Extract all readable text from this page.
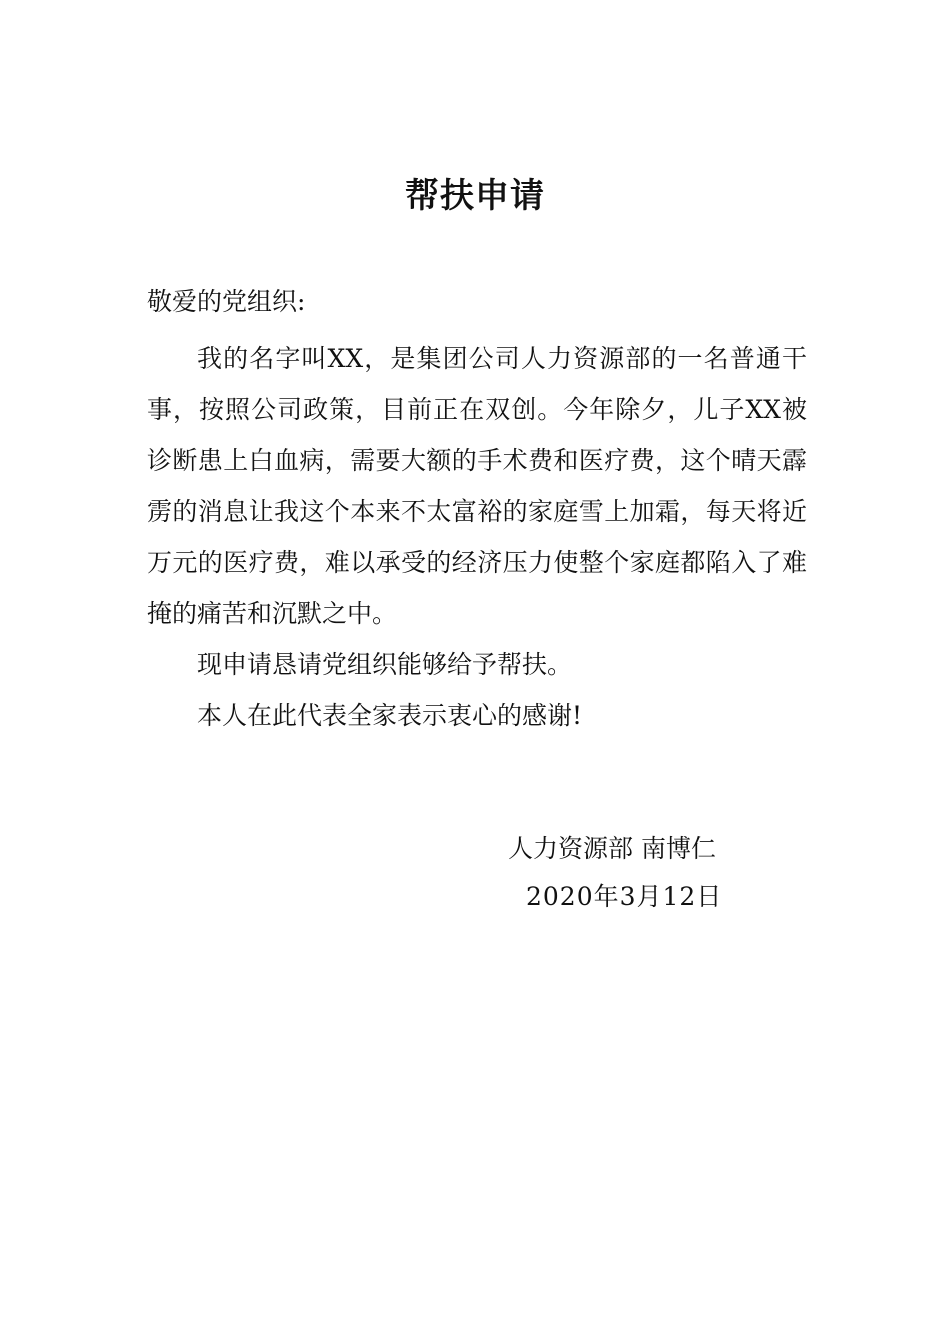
帮扶申请
敬爱的党组织:

我的名字叫XX，是集团公司人力资源部的一名普通干事，按照公司政策，目前正在双创。今年除夕，儿子XX被诊断患上白血病，需要大额的手术费和医疗费，这个晴天霹雳的消息让我这个本来不太富裕的家庭雪上加霜，每天将近万元的医疗费，难以承受的经济压力使整个家庭都陷入了难掩的痛苦和沉默之中。

现申请恳请党组织能够给予帮扶。

本人在此代表全家表示衷心的感谢!

人力资源部 南博仁
2020年3月12日
